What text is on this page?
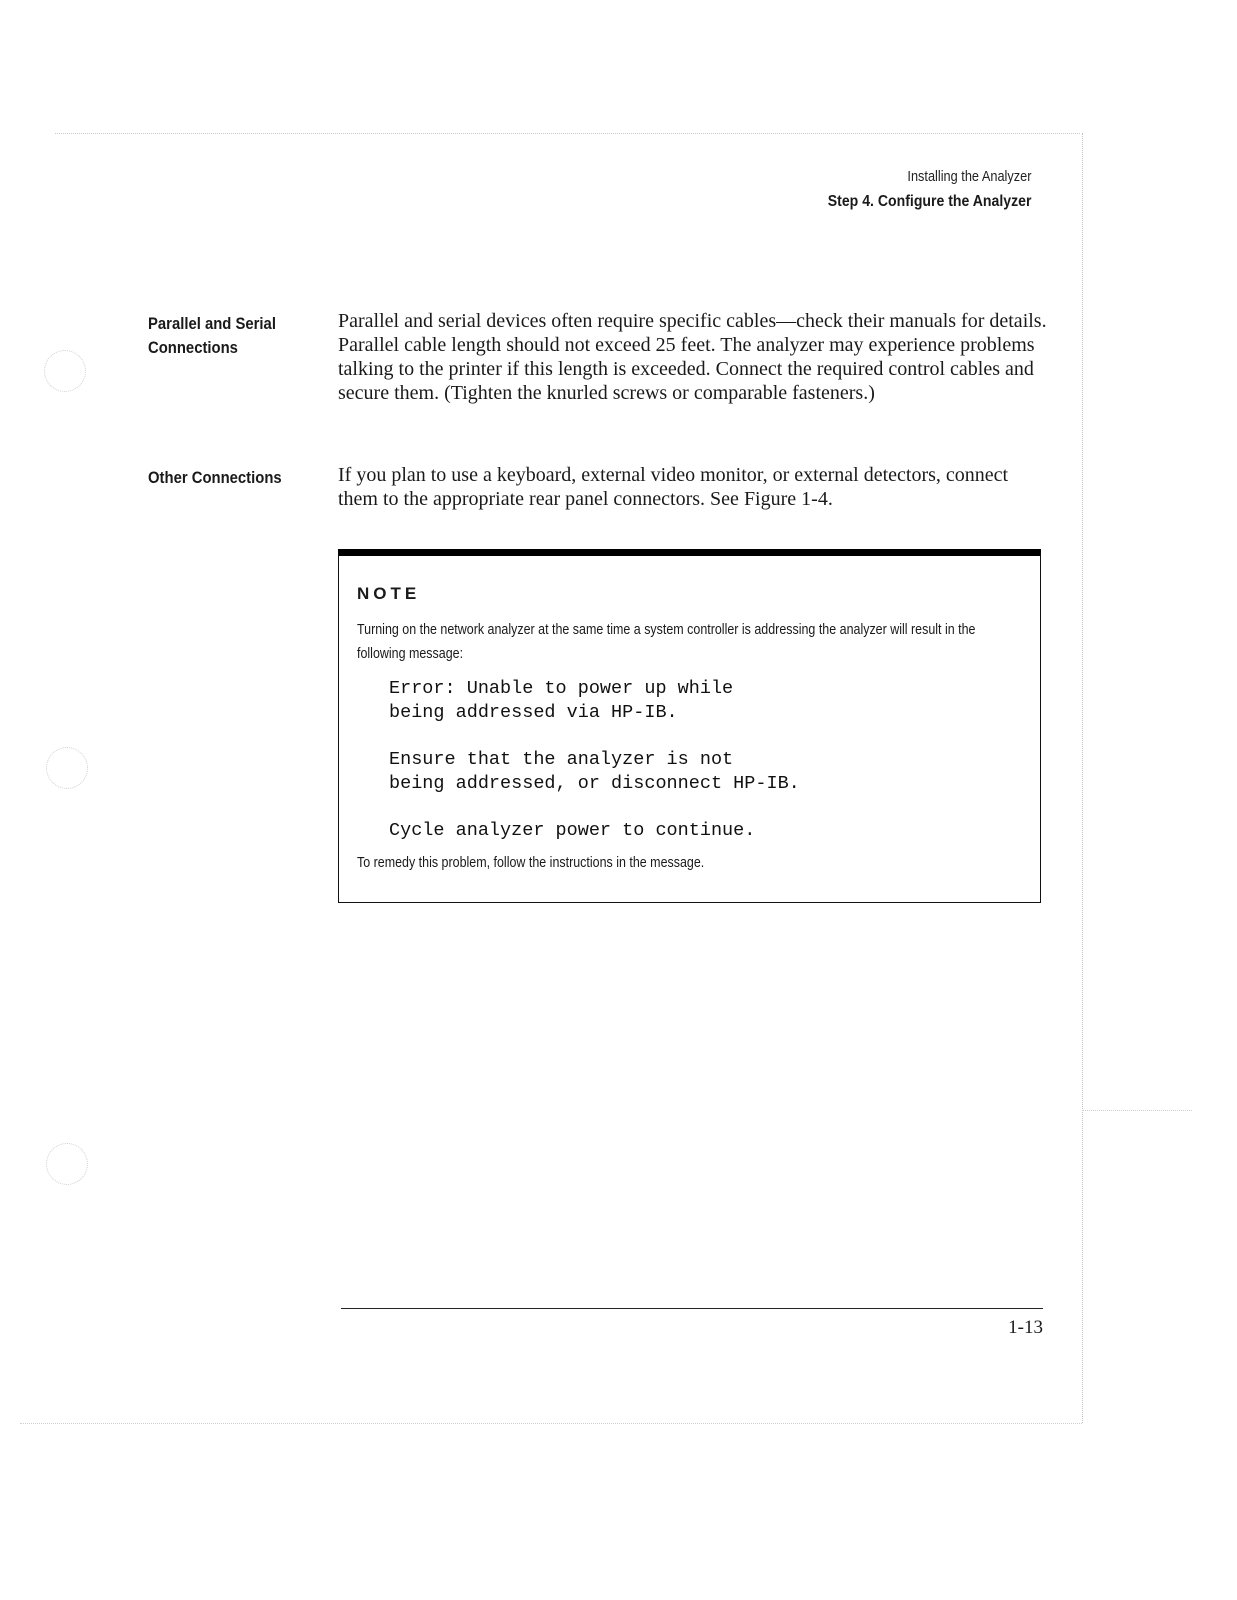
Installing the Analyzer
Step 4. Configure the Analyzer
Parallel and Serial Connections
Parallel and serial devices often require specific cables—check their manuals for details. Parallel cable length should not exceed 25 feet. The analyzer may experience problems talking to the printer if this length is exceeded. Connect the required control cables and secure them. (Tighten the knurled screws or comparable fasteners.)
Other Connections	If you plan to use a keyboard, external video monitor, or external detectors, connect them to the appropriate rear panel connectors. See Figure 1-4.
NOTE
Turning on the network analyzer at the same time a system controller is addressing the analyzer will result in the following message:
Error: Unable to power up while
being addressed via HP-IB.
Ensure that the analyzer is not
being addressed, or disconnect HP-IB.
Cycle analyzer power to continue.
To remedy this problem, follow the instructions in the message.
1-13
